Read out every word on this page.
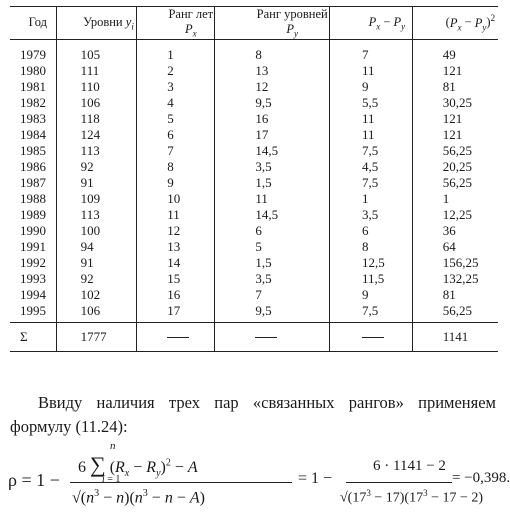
Год	Уровни $y_i$	Ранг лет $P_x$	Ранг уровней $P_y$	$P_x - P_y$	$(P_x - P_y)^2$
1979	105	1	8	7	49
1980	111	2	13	11	121
1981	110	3	12	9	81
1982	106	4	9,5	5,5	30,25
1983	118	5	16	11	121
1984	124	6	17	11	121
1985	113	7	14,5	7,5	56,25
1986	92	8	3,5	4,5	20,25
1987	91	9	1,5	7,5	56,25
1988	109	10	11	1	1
1989	113	11	14,5	3,5	12,25
1990	100	12	6	6	36
1991	94	13	5	8	64
1992	91	14	1,5	12,5	156,25
1993	92	15	3,5	11,5	132,25
1994	102	16	7	9	81
1995	106	17	9,5	7,5	56,25
Σ	1777				1141
Ввиду наличия трех пар «связанных рангов» применяем формулу (11.24):
ρ = 1 −
6 ∑ $(R_x - R_y)^2 - A$
n
i = 1
$√(n^3 - n)(n^3 - n - A)$
= 1 −
6 · 1141 − 2
$√(17^3 - 17)(17^3 - 17 - 2)$
= −0,398.
